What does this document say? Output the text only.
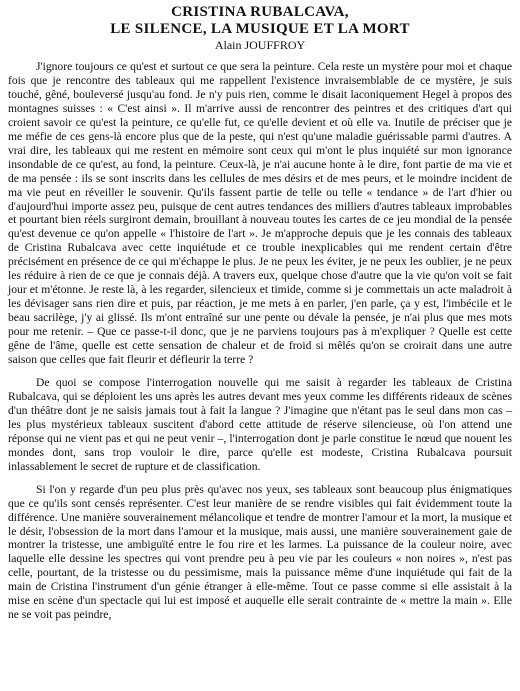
CRISTINA RUBALCAVA,
LE SILENCE, LA MUSIQUE ET LA MORT
Alain JOUFFROY

J'ignore toujours ce qu'est et surtout ce que sera la peinture. Cela reste un mystère pour moi et chaque fois que je rencontre des tableaux qui me rappellent l'existence invraisemblable de ce mystère, je suis touché, gêné, bouleversé jusqu'au fond. Je n'y puis rien, comme le disait laconiquement Hegel à propos des montagnes suisses : « C'est ainsi ». Il m'arrive aussi de rencontrer des peintres et des critiques d'art qui croient savoir ce qu'est la peinture, ce qu'elle fut, ce qu'elle devient et où elle va. Inutile de préciser que je me méfie de ces gens-là encore plus que de la peste, qui n'est qu'une maladie guérissable parmi d'autres. A vrai dire, les tableaux qui me restent en mémoire sont ceux qui m'ont le plus inquiété sur mon ignorance insondable de ce qu'est, au fond, la peinture. Ceux-là, je n'ai aucune honte à le dire, font partie de ma vie et de ma pensée : ils se sont inscrits dans les cellules de mes désirs et de mes peurs, et le moindre incident de ma vie peut en réveiller le souvenir. Qu'ils fassent partie de telle ou telle « tendance » de l'art d'hier ou d'aujourd'hui importe assez peu, puisque de cent autres tendances des milliers d'autres tableaux improbables et pourtant bien réels surgiront demain, brouillant à nouveau toutes les cartes de ce jeu mondial de la pensée qu'est devenue ce qu'on appelle « l'histoire de l'art ». Je m'approche depuis que je les connais des tableaux de Cristina Rubalcava avec cette inquiétude et ce trouble inexplicables qui me rendent certain d'être précisément en présence de ce qui m'échappe le plus. Je ne peux les éviter, je ne peux les oublier, je ne peux les réduire à rien de ce que je connais déjà. A travers eux, quelque chose d'autre que la vie qu'on voit se fait jour et m'étonne. Je reste là, à les regarder, silencieux et timide, comme si je commettais un acte maladroit à les dévisager sans rien dire et puis, par réaction, je me mets à en parler, j'en parle, ça y est, l'imbécile et le beau sacrilège, j'y ai glissé. Ils m'ont entraîné sur une pente ou dévale la pensée, je n'ai plus que mes mots pour me retenir. – Que ce passe-t-il donc, que je ne parviens toujours pas à m'expliquer ? Quelle est cette gêne de l'âme, quelle est cette sensation de chaleur et de froid si mêlés qu'on se croirait dans une autre saison que celles que fait fleurir et défleurir la terre ?

De quoi se compose l'interrogation nouvelle qui me saisit à regarder les tableaux de Cristina Rubalcava, qui se déploient les uns après les autres devant mes yeux comme les différents rideaux de scènes d'un théâtre dont je ne saisis jamais tout à fait la langue ? J'imagine que n'étant pas le seul dans mon cas – les plus mystérieux tableaux suscitent d'abord cette attitude de réserve silencieuse, où l'on attend une réponse qui ne vient pas et qui ne peut venir –, l'interrogation dont je parle constitue le nœud que nouent les mondes dont, sans trop vouloir le dire, parce qu'elle est modeste, Cristina Rubalcava poursuit inlassablement le secret de rupture et de classification.

Si l'on y regarde d'un peu plus près qu'avec nos yeux, ses tableaux sont beaucoup plus énigmatiques que ce qu'ils sont censés représenter. C'est leur manière de se rendre visibles qui fait évidemment toute la différence. Une manière souverainement mélancolique et tendre de montrer l'amour et la mort, la musique et le désir, l'obsession de la mort dans l'amour et la musique, mais aussi, une manière souverainement gaie de montrer la tristesse, une ambiguïté entre le fou rire et les larmes. La puissance de la couleur noire, avec laquelle elle dessine les spectres qui vont prendre peu à peu vie par les couleurs « non noires », n'est pas celle, pourtant, de la tristesse ou du pessimisme, mais la puissance même d'une inquiétude qui fait de la main de Cristina l'instrument d'un génie étranger à elle-même. Tout ce passe comme si elle assistait à la mise en scène d'un spectacle qui lui est imposé et auquelle elle serait contrainte de « mettre la main ». Elle ne se voit pas peindre,
